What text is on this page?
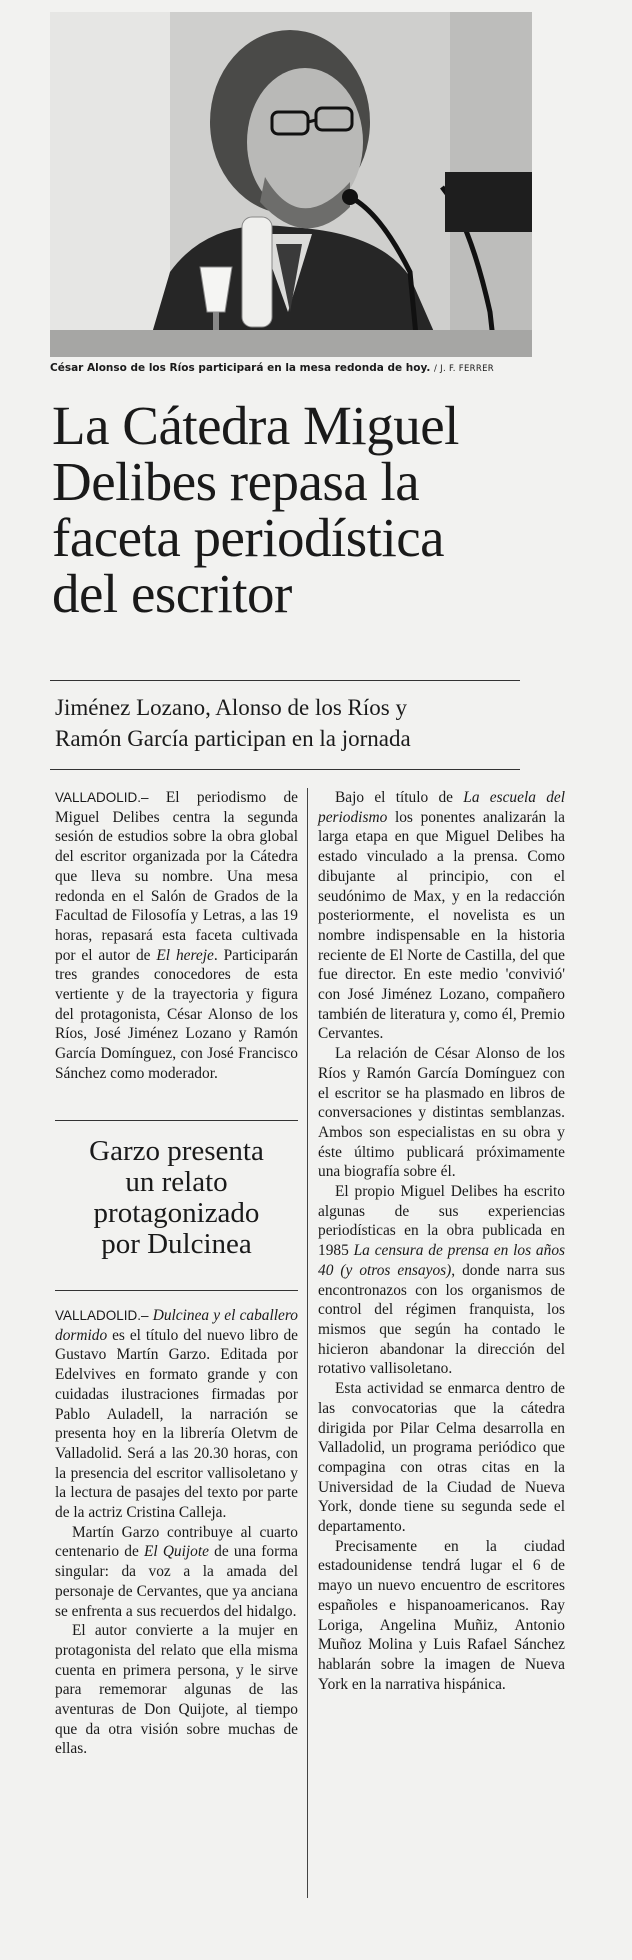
César Alonso de los Ríos participará en la mesa redonda de hoy. / J. F. FERRER
La Cátedra Miguel
Delibes repasa la
faceta periodística
del escritor
Jiménez Lozano, Alonso de los Ríos y
Ramón García participan en la jornada

VALLADOLID.– El periodismo de Miguel Delibes centra la segunda sesión de estudios sobre la obra global del escritor organizada por la Cátedra que lleva su nombre. Una mesa redonda en el Salón de Grados de la Facultad de Filosofía y Letras, a las 19 horas, repasará esta faceta cultivada por el autor de El hereje. Participarán tres grandes conocedores de esta vertiente y de la trayectoria y figura del protagonista, César Alonso de los Ríos, José Jiménez Lozano y Ramón García Domínguez, con José Francisco Sánchez como moderador.

Bajo el título de La escuela del periodismo los ponentes analizarán la larga etapa en que Miguel Delibes ha estado vinculado a la prensa. Como dibujante al principio, con el seudónimo de Max, y en la redacción posteriormente, el novelista es un nombre indispensable en la historia reciente de El Norte de Castilla, del que fue director. En este medio 'convivió' con José Jiménez Lozano, compañero también de literatura y, como él, Premio Cervantes.

La relación de César Alonso de los Ríos y Ramón García Domínguez con el escritor se ha plasmado en libros de conversaciones y distintas semblanzas. Ambos son especialistas en su obra y éste último publicará próximamente una biografía sobre él.

El propio Miguel Delibes ha escrito algunas de sus experiencias periodísticas en la obra publicada en 1985 La censura de prensa en los años 40 (y otros ensayos), donde narra sus encontronazos con los organismos de control del régimen franquista, los mismos que según ha contado le hicieron abandonar la dirección del rotativo vallisoletano.

Esta actividad se enmarca dentro de las convocatorias que la cátedra dirigida por Pilar Celma desarrolla en Valladolid, un programa periódico que compagina con otras citas en la Universidad de la Ciudad de Nueva York, donde tiene su segunda sede el departamento.

Precisamente en la ciudad estadounidense tendrá lugar el 6 de mayo un nuevo encuentro de escritores españoles e hispanoamericanos. Ray Loriga, Angelina Muñiz, Antonio Muñoz Molina y Luis Rafael Sánchez hablarán sobre la imagen de Nueva York en la narrativa hispánica.

Garzo presenta
un relato
protagonizado
por Dulcinea

VALLADOLID.– Dulcinea y el caballero dormido es el título del nuevo libro de Gustavo Martín Garzo. Editada por Edelvives en formato grande y con cuidadas ilustraciones firmadas por Pablo Auladell, la narración se presenta hoy en la librería Oletvm de Valladolid. Será a las 20.30 horas, con la presencia del escritor vallisoletano y la lectura de pasajes del texto por parte de la actriz Cristina Calleja.

Martín Garzo contribuye al cuarto centenario de El Quijote de una forma singular: da voz a la amada del personaje de Cervantes, que ya anciana se enfrenta a sus recuerdos del hidalgo.

El autor convierte a la mujer en protagonista del relato que ella misma cuenta en primera persona, y le sirve para rememorar algunas de las aventuras de Don Quijote, al tiempo que da otra visión sobre muchas de ellas.
